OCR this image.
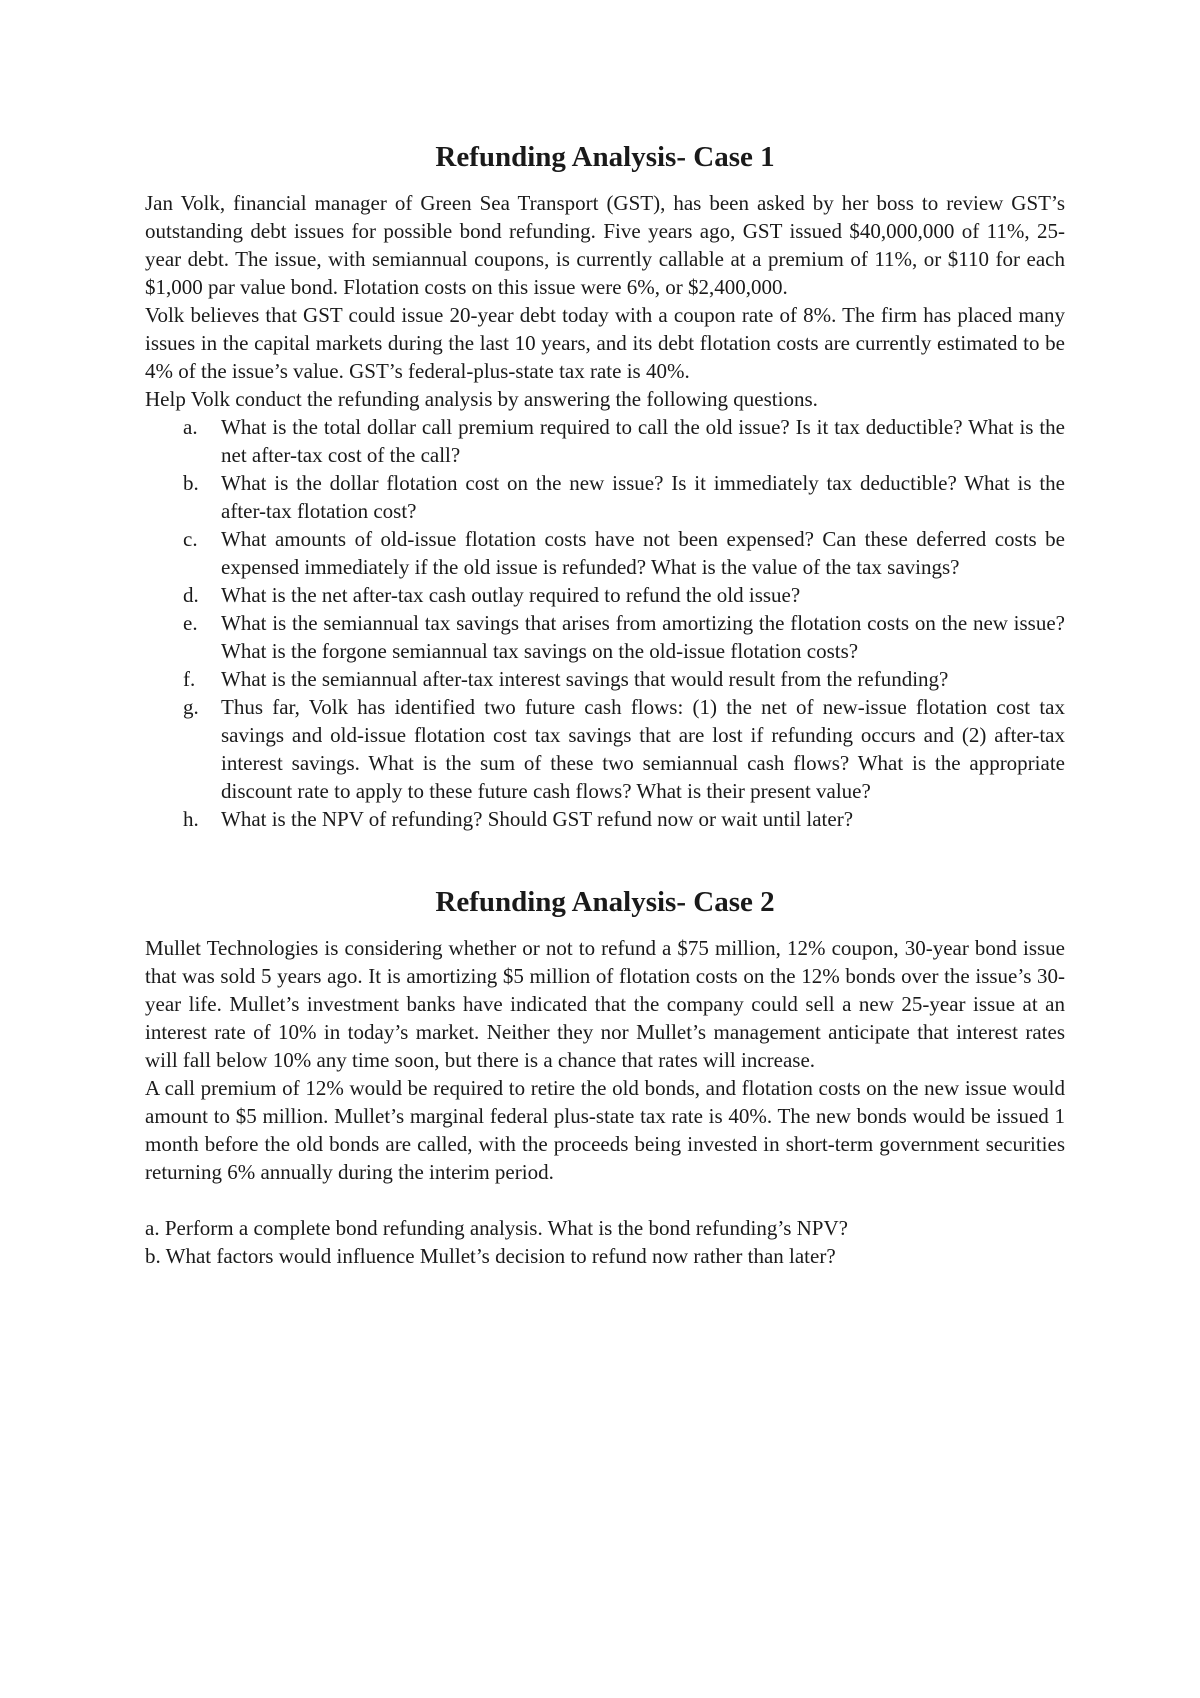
Refunding Analysis- Case 1

Jan Volk, financial manager of Green Sea Transport (GST), has been asked by her boss to review GST’s outstanding debt issues for possible bond refunding. Five years ago, GST issued $40,000,000 of 11%, 25-year debt. The issue, with semiannual coupons, is currently callable at a premium of 11%, or $110 for each $1,000 par value bond. Flotation costs on this issue were 6%, or $2,400,000.

Volk believes that GST could issue 20-year debt today with a coupon rate of 8%. The firm has placed many issues in the capital markets during the last 10 years, and its debt flotation costs are currently estimated to be 4% of the issue’s value. GST’s federal-plus-state tax rate is 40%.

Help Volk conduct the refunding analysis by answering the following questions.

a. What is the total dollar call premium required to call the old issue? Is it tax deductible? What is the net after-tax cost of the call?
b. What is the dollar flotation cost on the new issue? Is it immediately tax deductible? What is the after-tax flotation cost?
c. What amounts of old-issue flotation costs have not been expensed? Can these deferred costs be expensed immediately if the old issue is refunded? What is the value of the tax savings?
d. What is the net after-tax cash outlay required to refund the old issue?
e. What is the semiannual tax savings that arises from amortizing the flotation costs on the new issue? What is the forgone semiannual tax savings on the old-issue flotation costs?
f. What is the semiannual after-tax interest savings that would result from the refunding?
g. Thus far, Volk has identified two future cash flows: (1) the net of new-issue flotation cost tax savings and old-issue flotation cost tax savings that are lost if refunding occurs and (2) after-tax interest savings. What is the sum of these two semiannual cash flows? What is the appropriate discount rate to apply to these future cash flows? What is their present value?
h. What is the NPV of refunding? Should GST refund now or wait until later?
Refunding Analysis- Case 2

Mullet Technologies is considering whether or not to refund a $75 million, 12% coupon, 30-year bond issue that was sold 5 years ago. It is amortizing $5 million of flotation costs on the 12% bonds over the issue’s 30-year life. Mullet’s investment banks have indicated that the company could sell a new 25-year issue at an interest rate of 10% in today’s market. Neither they nor Mullet’s management anticipate that interest rates will fall below 10% any time soon, but there is a chance that rates will increase.

A call premium of 12% would be required to retire the old bonds, and flotation costs on the new issue would amount to $5 million. Mullet’s marginal federal plus-state tax rate is 40%. The new bonds would be issued 1 month before the old bonds are called, with the proceeds being invested in short-term government securities returning 6% annually during the interim period.

a. Perform a complete bond refunding analysis. What is the bond refunding’s NPV?

b. What factors would influence Mullet’s decision to refund now rather than later?
